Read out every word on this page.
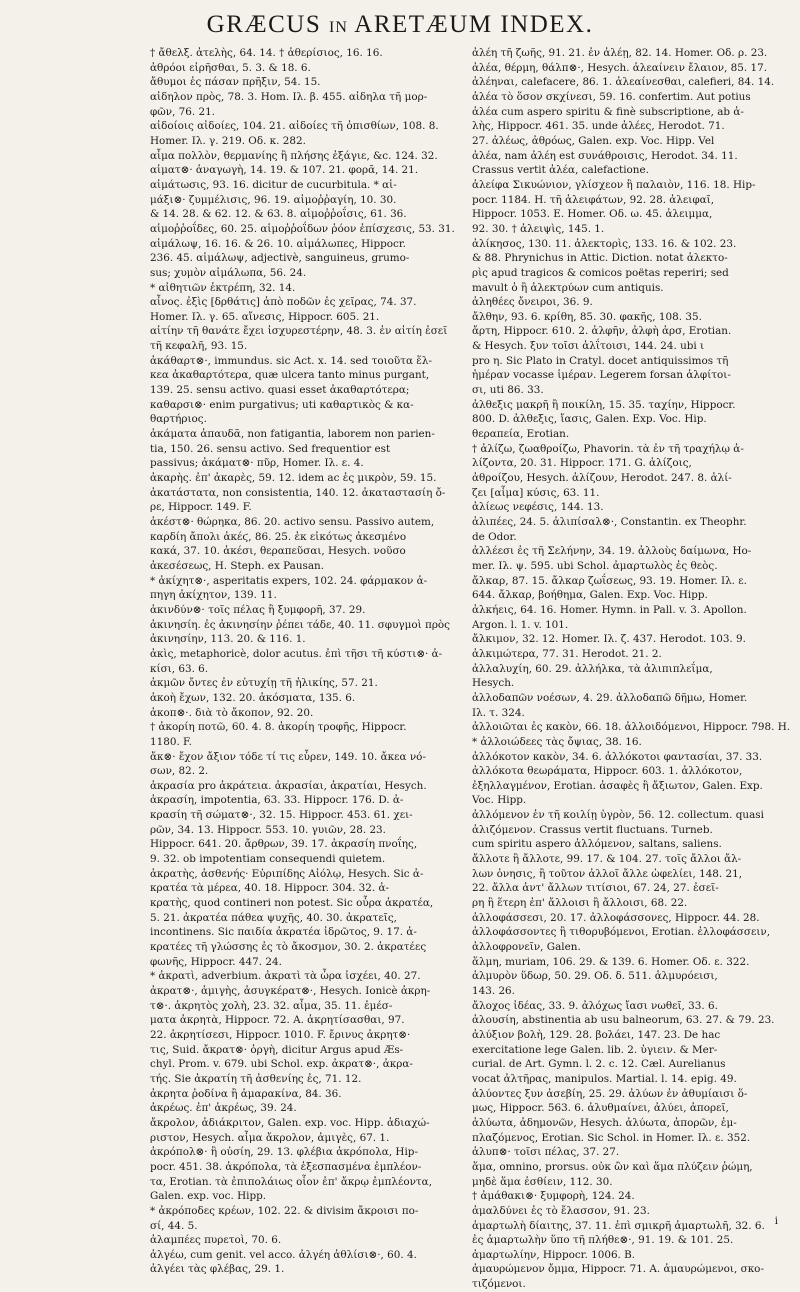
GRÆCUS IN ARETÆUM INDEX.
† ἄθελξ. ἀτελὴς, 64. 14. † ἀθερίσιος, 16. 16.
ἀθρόοι εἰρῆσθαι, 5. 3. & 18. 6.
ἄθυμοι ἐς πάσαν πρῆξιν, 54. 15.
αἰδηλον πρὸς, 78. 3. Hom. Ιλ. β. 455. αἰδηλα τῆ μορ-
φῶν, 76. 21.
αἰδοίοις αἰδοίες, 104. 21. αἰδοίες τῆ ὀπισθίων, 108. 8.
Homer. Ιλ. γ. 219. Οδ. κ. 282.
αἷμα πολλὸν, θερμανίης ἢ πλήσης ἐξάγιε, &c. 124. 32.
αἱματ⊗· ἀναγωγὴ, 14. 19. & 107. 21. φορᾶ, 14. 21.
αἱμάτωσις, 93. 16. dicitur de cucurbitula. * αἱ-
μάξι⊗· ζυμμέλισις, 96. 19. αἱμοῤῥαγίη, 10. 30.
& 14. 28. & 62. 12. & 63. 8. αἱμοῤῥοΐσις, 61. 36.
αἱμοῤῥοΐδες, 60. 25. αἱμοῤῥοΐδων ῥόον ἐπίσχεσις, 53. 31.
αἱμάλωψ, 16. 16. & 26. 10. αἱμάλωπες, Hippocr.
236. 45. αἱμάλωψ, adjectivè, sanguineus, grumo-
sus; χυμὸν αἱμάλωπα, 56. 24.
* αἰθητιῶν ἐκτρέπη, 32. 14.
αἶνος. ἐξὶς [δρθάτις] ἀπὸ ποδῶν ἐς χεῖρας, 74. 37.
Homer. Ιλ. γ. 65. αἴνεσις, Hippocr. 605. 21.
αἰτίην τῆ θανάτε ἔχει ἰσχυρεστέρην, 48. 3. ἐν αἰτίη ἐσεῖ
τῆ κεφαλῆ, 93. 15.
ἀκάθαρτ⊗·, immundus. sic Act. x. 14. sed τοιοῦτα ἕλ-
κεα ἀκαθαρτότερα, quæ ulcera tanto minus purgant,
139. 25. sensu activo. quasi esset ἀκαθαρτότερα;
καθαρσι⊗· enim purgativus; uti καθαρτικὸς & κα-
θαρτήριος.
ἀκάματα ἀπαυδᾶ, non fatigantia, laborem non parien-
tia, 150. 26. sensu activo. Sed frequentior est
passivus; ἀκάματ⊗· πῦρ, Homer. Ιλ. ε. 4.
ἀκαρὴς. ἐπ' ἀκαρὲς, 59. 12. idem ac ἐς μικρὸν, 59. 15.
ἀκατάστατα, non consistentia, 140. 12. ἀκαταστασίη ὄ-
ρε, Hippocr. 149. F.
ἀκέστ⊗· θώρηκα, 86. 20. activo sensu. Passivo autem,
καρδίη ἄπολι ἀκέϛ, 86. 25. ἐκ εἰκότως ἀκεσμένο
κακά, 37. 10. ἀκέσι, θεραπεῦσαι, Hesych. νοῦσο
ἀκεσέσεως, H. Steph. ex Pausan.
* ἀκίχητ⊗·, asperitatis expers, 102. 24. φάρμακον ἀ-
πηγη ἀκίχητον, 139. 11.
ἀκινδύν⊗· τοῖς πέλας ἢ ξυμφορῆ, 37. 29.
ἀκινησίη. ἐς ἀκινησίην ῥέπει τάδε, 40. 11. σφυγμοὶ πρὸς
ἀκινησίην, 113. 20. & 116. 1.
ἀκὶς, metaphoricè, dolor acutus. ἐπὶ τῆσι τῆ κύστι⊗· ἀ-
κίσι, 63. 6.
ἀκμῶν ὄντες ἐν εὐτυχίῃ τῆ ἡλικίης, 57. 21.
ἀκοὴ ἔχων, 132. 20. ἀκόσματα, 135. 6.
ἀκοπ⊗·. διὰ τὸ ἄκοπον, 92. 20.
† ἀκορίη ποτῶ, 60. 4. 8. ἀκορίη τροφῆς, Hippocr.
1180. F.
ἄκ⊗· ἔχον ἄξιον τόδε τί τις εὗρεν, 149. 10. ἄκεα νό-
σων, 82. 2.
ἀκρασία pro ἀκράτεια. ἀκρασίαι, ἀκρατίαι, Hesych.
ἀκρασίη, impotentia, 63. 33. Hippocr. 176. D. ἀ-
κρασίη τῆ σώματ⊗·, 32. 15. Hippocr. 453. 61. χει-
ρῶν, 34. 13. Hippocr. 553. 10. γυιῶν, 28. 23.
Hippocr. 641. 20. ἄρθρων, 39. 17. ἀκρασίη πνοΐης,
9. 32. ob impotentiam consequendi quietem.
ἀκρατὴς, ἀσθενής· Εὐριπίδης Αἰόλῳ, Hesych. Sic ἀ-
κρατέα τὰ μέρεα, 40. 18. Hippocr. 304. 32. ἀ-
κρατὴς, quod contineri non potest. Sic οὖρα ἀκρατέα,
5. 21. ἀκρατέα πάθεα ψυχῆς, 40. 30. ἀκρατεῖς,
incontinens. Sic παιδία ἀκρατέα ἰδρῶτος, 9. 17. ἀ-
κρατέες τῆ γλώσσης ἐς τὸ ἄκοσμον, 30. 2. ἀκρατέες
φωνῆς, Hippocr. 447. 24.
* ἀκρατὶ, adverbium. ἀκρατὶ τὰ ὦρα ἰσχέει, 40. 27.
ἀκρατ⊗·, ἀμιγὴς, ἀσυγκέρατ⊗·, Hesych. Ionicè ἀκρη-
τ⊗·. ἀκρητὸς χολὴ, 23. 32. αἷμα, 35. 11. ἐμέσ-
ματα ἀκρητὰ, Hippocr. 72. A. ἀκρητίσασθαι, 97.
22. ἀκρητίσεσι, Hippocr. 1010. F. ἔρινυς ἀκρητ⊗·
τις, Suid. ἄκρατ⊗· ὀργὴ, dicitur Argus apud Æs-
chyl. Prom. v. 679. ubi Schol. exp. ἀκρατ⊗·, ἀκρα-
τής. Sie ἀκρατίη τῆ ἀσθενίης ἐς, 71. 12.
ἀκρητα ῥοδίνα ἢ ἀμαρακίνα, 84. 36.
ἀκρέως. ἐπ' ἀκρέως, 39. 24.
ἄκρολον, ἀδιάκριτον, Galen. exp. voc. Hipp. ἀδιαχώ-
ριστον, Hesych. αἷμα ἄκρολον, ἀμιγὲς, 67. 1.
ἀκρόπολ⊗· ἢ οὐσίη, 29. 13. φλέβια ἀκρόπολα, Hip-
pocr. 451. 38. ἀκρόπολα, τὰ ἐξεσπασμένα ἐμπλέον-
τα, Erotian. τὰ ἐπιπολάιως οἷον ἐπ' ἄκρῳ ἐμπλέοντα,
Galen. exp. voc. Hipp.
* ἀκρόποδες κρέων, 102. 22. & divisim ἄκροισι πο-
σί, 44. 5.
ἀλαμπέες πυρετοὶ, 70. 6.
ἀλγέω, cum genit. vel acco. ἀλγέη ἀθλίσι⊗·, 60. 4.
ἀλγέει τὰς φλέβας, 29. 1.
ἀλέη τῆ ζωῆς, 91. 21. ἐν ἀλέῃ, 82. 14. Homer. Οδ. ρ. 23.
ἀλέα, θέρμη, θάλπ⊗·, Hesych. ἀλεαίνειν ἔλαιον, 85. 17.
ἀλέηναι, calefacere, 86. 1. ἀλεαίνεσθαι, calefieri, 84. 14.
ἀλέα τὸ ὅσον σκχίνεσι, 59. 16. confertim. Aut potius
ἀλέα cum aspero spiritu & finè subscriptione, ab ἀ-
λὴς, Hippocr. 461. 35. unde ἀλέες, Herodot. 71.
27. ἀλέως, ἀθρόως, Galen. exp. Voc. Hipp. Vel
ἀλέα, nam ἀλέη est συνάθροισις, Herodot. 34. 11.
Crassus vertit ἀλέα, calefactione.
ἀλείφα Σικυώνιον, γλίσχεον ἢ παλαιὸν, 116. 18. Hip-
pocr. 1184. H. τῆ ἀλειφάτων, 92. 28. ἀλειφαῖ,
Hippocr. 1053. E. Homer. Οδ. ω. 45. ἀλειμμα,
92. 30. † ἀλειψὶς, 145. 1.
ἀλίκησος, 130. 11. ἀλεκτορὶς, 133. 16. & 102. 23.
& 88. Phrynichus in Attic. Diction. notat ἀλεκτο-
ρὶς apud tragicos & comicos poëtas reperiri; sed
mavult ὁ ἢ ἀλεκτρύων cum antiquis.
ἀληθέες ὄνειροι, 36. 9.
ἄλθην, 93. 6. κρίθη, 85. 30. φακῆς, 108. 35.
ἄρτη, Hippocr. 610. 2. ἀλφῆν, ἀλφὴ ἀρσ, Erotian.
& Hesych. ξυν τοῖσι ἀλΐτοισι, 144. 24. ubi ι
pro η. Sic Plato in Cratyl. docet antiquissimos τῆ
ἡμέραν vocasse ἱμέραν. Legerem forsan ἀλφίτοι-
σι, uti 86. 33.
ἀλθεξις μακρῆ ἢ ποικίλη, 15. 35. ταχίην, Hippocr.
800. D. ἀλθεξις, ἴασις, Galen. Exp. Voc. Hip.
θεραπεία, Erotian.
† ἀλίζω, ζωαθροίζω, Phavorin. τὰ ἐν τῆ τραχήλῳ ἁ-
λίζοντα, 20. 31. Hippocr. 171. G. ἁλίζοις,
ἀθροίζου, Hesych. ἀλίζουν, Herodot. 247. 8. ἁλί-
ζει [αἷμα] κύσις, 63. 11.
ἀλίεως νεφέσις, 144. 13.
ἀλιπέες, 24. 5. ἀλιπίσαλ⊗·, Constantin. ex Theophr.
de Odor.
ἀλλέεσι ἐς τῆ Σελήνην, 34. 19. ἀλλοὺς δαίμωνα, Ho-
mer. Ιλ. ψ. 595. ubi Schol. ἀμαρτωλὸς ἐς θεὸς.
ἄλκαρ, 87. 15. ἄλκαρ ζωΐσεως, 93. 19. Homer. Ιλ. ε.
644. ἄλκαρ, βοήθημα, Galen. Exp. Voc. Hipp.
ἀλκήεις, 64. 16. Homer. Hymn. in Pall. v. 3. Apollon.
Argon. l. 1. v. 101.
ἄλκιμον, 32. 12. Homer. Ιλ. ζ. 437. Herodot. 103. 9.
ἀλκιμώτερα, 77. 31. Herodot. 21. 2.
ἀλλαλυχίη, 60. 29. ἀλλήλκα, τὰ ἀλιπιπλεΐμα,
Hesych.
ἀλλοδαπῶν νοέσων, 4. 29. ἀλλοδαπῶ δῆμω, Homer.
Ιλ. τ. 324.
ἀλλοιῶται ἐς κακὸν, 66. 18. ἀλλοιδόμενοι, Hippocr. 798. H.
* ἀλλοιώδεες τὰς ὄψιας, 38. 16.
ἀλλόκοτον κακὸν, 34. 6. ἀλλόκοτοι φαντασίαι, 37. 33.
ἀλλόκοτα θεωράματα, Hippocr. 603. 1. ἀλλόκοτον,
ἐξηλλαγμένον, Erotian. ἀσαφὲς ἢ ἄξιωτον, Galen. Exp.
Voc. Hipp.
ἀλλόμενον ἐν τῆ κοιλίῃ ὑγρὸν, 56. 12. collectum. quasi
ἀλιζόμενον. Crassus vertit fluctuans. Turneb.
cum spiritu aspero ἁλλόμενον, saltans, saliens.
ἄλλοτε ἢ ἄλλοτε, 99. 17. & 104. 27. τοῖς ἄλλοι ἄλ-
λων ὀνησις, ἢ τοῦτον ἀλλοῖ ἄλλε ὠφελίει, 148. 21,
22. ἄλλα ἀντ' ἄλλων τιτίσιοι, 67. 24, 27. ἐσεῖ-
ρη ἢ ἕτερη ἐπ' ἄλλοισι ἢ ἄλλοισι, 68. 22.
ἀλλοφάσσεσι, 20. 17. ἀλλοφάσσονες, Hippocr. 44. 28.
ἀλλοφάσσοντες ἢ τιθορυβόμενοι, Erotian. ἐλλοφάσσειν,
ἀλλοφρονεῖν, Galen.
ἅλμη, muriam, 106. 29. & 139. 6. Homer. Οδ. ε. 322.
ἁλμυρὸν ὕδωρ, 50. 29. Οδ. δ. 511. ἁλμυρόεισι,
143. 26.
ἄλοχος ἰδέας, 33. 9. ἀλόχως ἴασι νωθεῖ, 33. 6.
ἀλουσίη, abstinentia ab usu balneorum, 63. 27. & 79. 23.
ἀλύξιον βολὴ, 129. 28. βολάει, 147. 23. De hac
exercitatione lege Galen. lib. 2. ὑγιειν. & Mer-
curial. de Art. Gymn. l. 2. c. 12. Cæl. Aurelianus
vocat ἀλτῆρας, manipulos. Martial. l. 14. epig. 49.
ἀλύοντες ξυν ἀσεβίη, 25. 29. ἀλύων ἐν ἀθυμίαισι ὅ-
μως, Hippocr. 563. 6. ἀλυθμαίνει, ἀλύει, ἀπορεῖ,
ἀλύωτα, ἀδημονῶν, Hesych. ἀλύωτα, ἀπορῶν, ἐμ-
πλαζόμενος, Erotian. Sic Schol. in Homer. Ιλ. ε. 352.
ἀλυπ⊗· τοῖσι πέλας, 37. 27.
ἅμα, omnino, prorsus. οὐκ ὢν καὶ ἅμα πλύζειν ῥώμη,
μηδὲ ἅμα ἐσθίειν, 112. 30.
† ἀμάθακι⊗· ξυμφορὴ, 124. 24.
ἀμαλδύνει ἐς τὸ ἔλασσον, 91. 23.
ἀμαρτωλὴ δίαιτης, 37. 11. ἐπὶ σμικρῆ ἀμαρτωλῆ, 32. 6.
ἐς ἀμαρτωλὴν ὕπο τῆ πλήθε⊗·, 91. 19. & 101. 25.
ἀμαρτωλίην, Hippocr. 1006. B.
ἀμαυρώμενον ὄμμα, Hippocr. 71. A. ἀμαυρώμενοι, σκο-
τιζόμενοι.
i
